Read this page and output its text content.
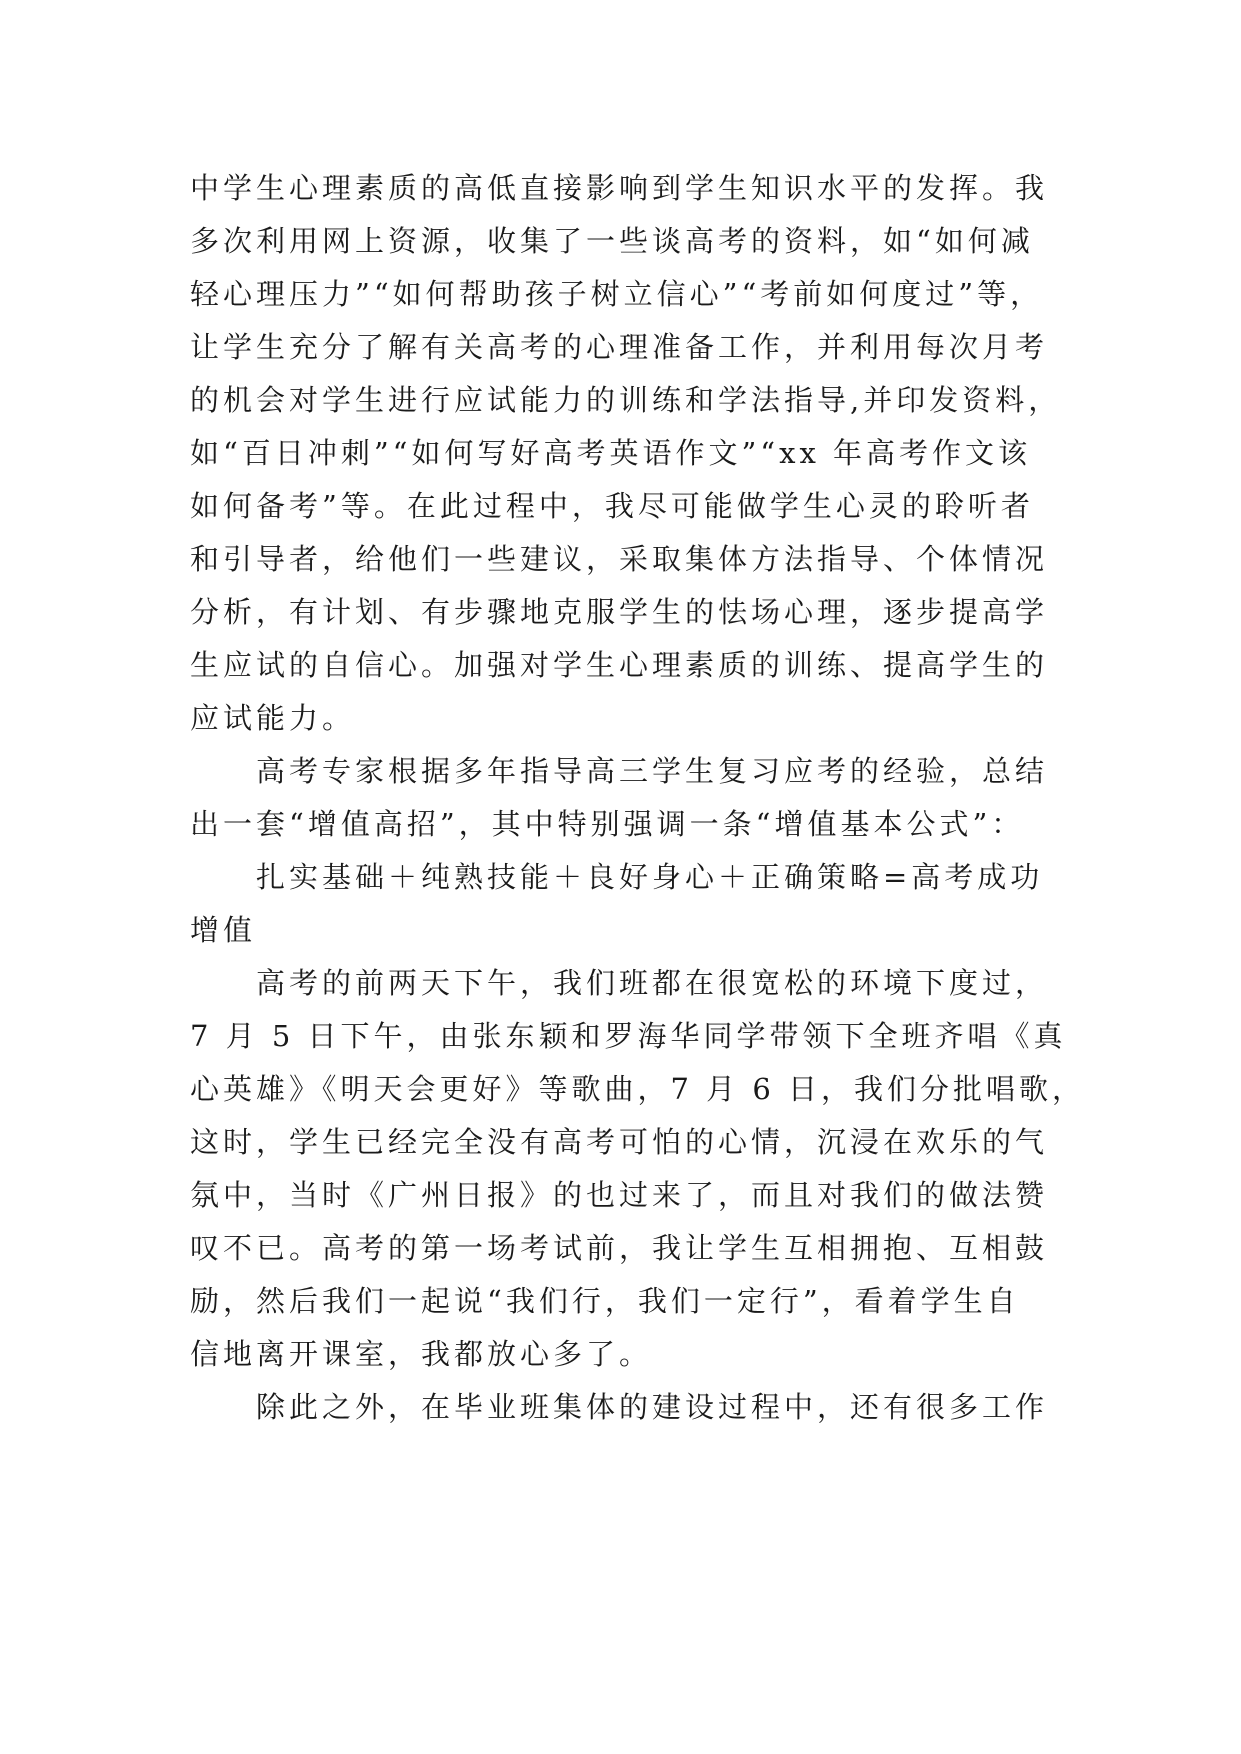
中学生心理素质的高低直接影响到学生知识水平的发挥。我
多次利用网上资源，收集了一些谈高考的资料，如“如何减
轻心理压力”“如何帮助孩子树立信心”“考前如何度过”等，
让学生充分了解有关高考的心理准备工作，并利用每次月考
的机会对学生进行应试能力的训练和学法指导,并印发资料，
如“百日冲刺”“如何写好高考英语作文”“xx 年高考作文该
如何备考”等。在此过程中，我尽可能做学生心灵的聆听者
和引导者，给他们一些建议，采取集体方法指导、个体情况
分析，有计划、有步骤地克服学生的怯场心理，逐步提高学
生应试的自信心。加强对学生心理素质的训练、提高学生的
应试能力。
高考专家根据多年指导高三学生复习应考的经验，总结
出一套“增值高招”，其中特别强调一条“增值基本公式”：
扎实基础＋纯熟技能＋良好身心＋正确策略=高考成功
增值
高考的前两天下午，我们班都在很宽松的环境下度过，
7 月 5 日下午，由张东颖和罗海华同学带领下全班齐唱《真
心英雄》《明天会更好》等歌曲，7 月 6 日，我们分批唱歌，
这时，学生已经完全没有高考可怕的心情，沉浸在欢乐的气
氛中，当时《广州日报》的也过来了，而且对我们的做法赞
叹不已。高考的第一场考试前，我让学生互相拥抱、互相鼓
励，然后我们一起说“我们行，我们一定行”，看着学生自
信地离开课室，我都放心多了。
除此之外，在毕业班集体的建设过程中，还有很多工作
